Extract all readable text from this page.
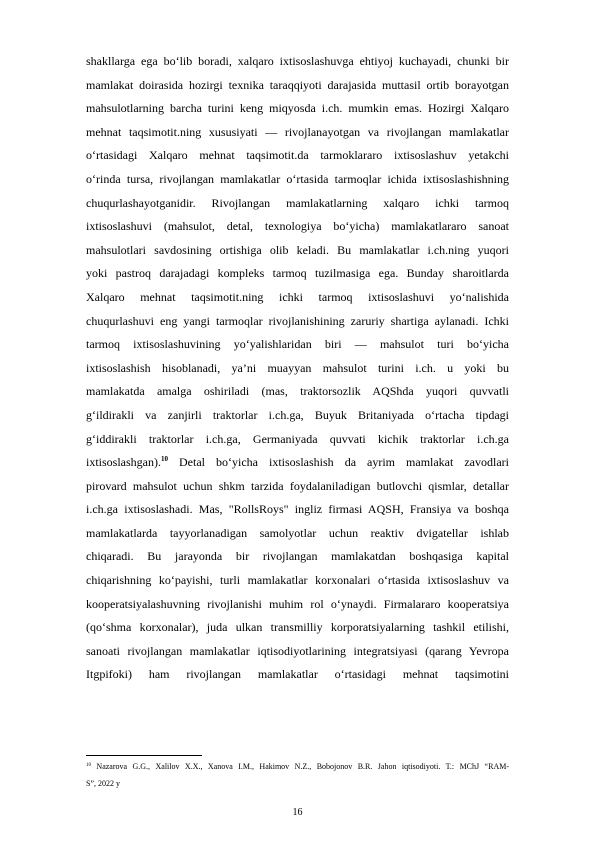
shakllarga ega bo‘lib boradi, xalqaro ixtisoslashuvga ehtiyoj kuchayadi, chunki bir
mamlakat doirasida hozirgi texnika taraqqiyoti darajasida muttasil ortib borayotgan
mahsulotlarning barcha turini keng miqyosda i.ch. mumkin emas. Hozirgi Xalqaro
mehnat taqsimotit.ning xususiyati — rivojlanayotgan va rivojlangan mamlakatlar
o‘rtasidagi Xalqaro mehnat taqsimotit.da tarmoklararo ixtisoslashuv yetakchi
o‘rinda tursa, rivojlangan mamlakatlar o‘rtasida tarmoqlar ichida ixtisoslashishning
chuqurlashayotganidir. Rivojlangan mamlakatlarning xalqaro ichki tarmoq
ixtisoslashuvi (mahsulot, detal, texnologiya bo‘yicha) mamlakatlararo sanoat
mahsulotlari savdosining ortishiga olib keladi. Bu mamlakatlar i.ch.ning yuqori
yoki pastroq darajadagi kompleks tarmoq tuzilmasiga ega. Bunday sharoitlarda
Xalqaro mehnat taqsimotit.ning ichki tarmoq ixtisoslashuvi yo‘nalishida
chuqurlashuvi eng yangi tarmoqlar rivojlanishining zaruriy shartiga aylanadi. Ichki
tarmoq ixtisoslashuvining yo‘yalishlaridan biri — mahsulot turi bo‘yicha
ixtisoslashish hisoblanadi, ya’ni muayyan mahsulot turini i.ch. u yoki bu
mamlakatda amalga oshiriladi (mas, traktorsozlik AQShda yuqori quvvatli
g‘ildirakli va zanjirli traktorlar i.ch.ga, Buyuk Britaniyada o‘rtacha tipdagi
g‘iddirakli traktorlar i.ch.ga, Germaniyada quvvati kichik traktorlar i.ch.ga
ixtisoslashgan).$^{10}$ Detal bo‘yicha ixtisoslashish da ayrim mamlakat zavodlari
pirovard mahsulot uchun shkm tarzida foydalaniladigan butlovchi qismlar, detallar
i.ch.ga ixtisoslashadi. Mas, "RollsRoys" ingliz firmasi AQSH, Fransiya va boshqa
mamlakatlarda tayyorlanadigan samolyotlar uchun reaktiv dvigatellar ishlab
chiqaradi. Bu jarayonda bir rivojlangan mamlakatdan boshqasiga kapital
chiqarishning ko‘payishi, turli mamlakatlar korxonalari o‘rtasida ixtisoslashuv va
kooperatsiyalashuvning rivojlanishi muhim rol o‘ynaydi. Firmalararo kooperatsiya
(qo‘shma korxonalar), juda ulkan transmilliy korporatsiyalarning tashkil etilishi,
sanoati rivojlangan mamlakatlar iqtisodiyotlarining integratsiyasi (qarang Yevropa
Itgpifoki) ham rivojlangan mamlakatlar o‘rtasidagi mehnat taqsimotini
$^{10}$ Nazarova G.G., Xalilov X.X., Xanova I.M., Hakimov N.Z., Bobojonov B.R. Jahon iqtisodiyoti. T.: MChJ “RAM-
S”, 2022 y
16
